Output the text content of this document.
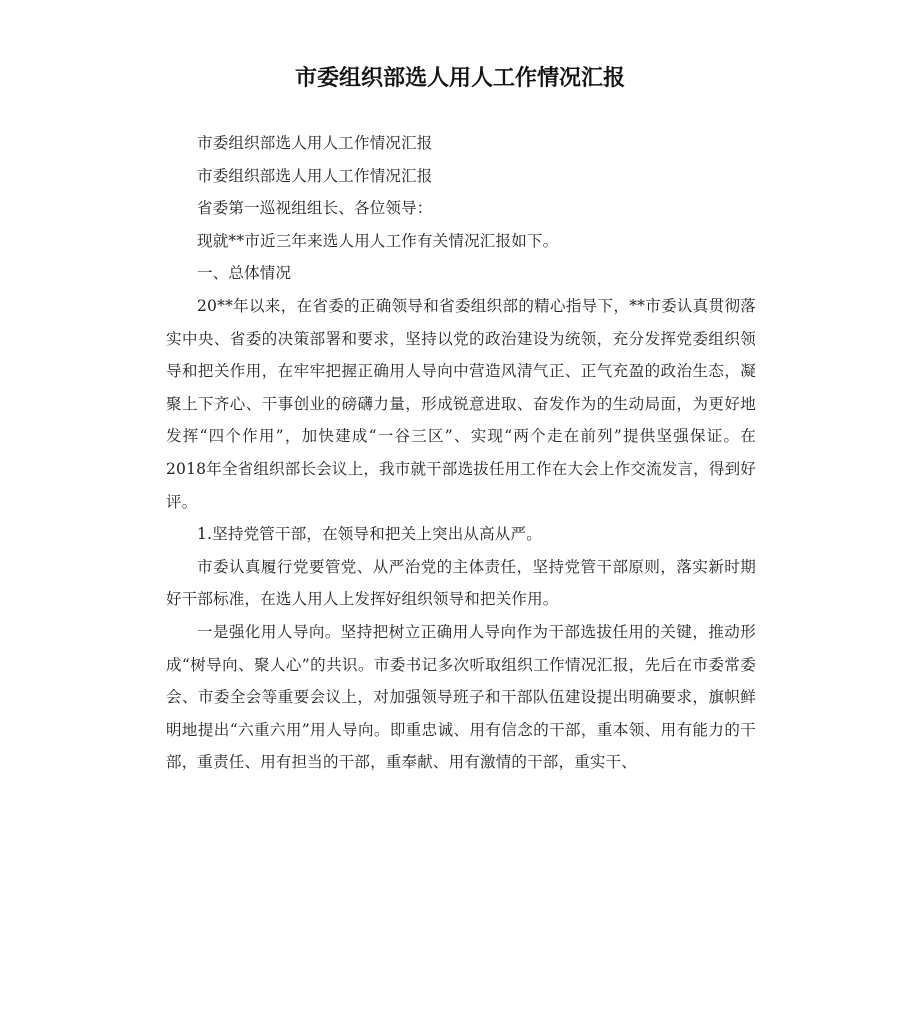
市委组织部选人用人工作情况汇报

市委组织部选人用人工作情况汇报

市委组织部选人用人工作情况汇报

省委第一巡视组组长、各位领导：

现就**市近三年来选人用人工作有关情况汇报如下。

一、总体情况

20**年以来，在省委的正确领导和省委组织部的精心指导下，**市委认真贯彻落实中央、省委的决策部署和要求，坚持以党的政治建设为统领，充分发挥党委组织领导和把关作用，在牢牢把握正确用人导向中营造风清气正、正气充盈的政治生态，凝聚上下齐心、干事创业的磅礴力量，形成锐意进取、奋发作为的生动局面，为更好地发挥“四个作用”，加快建成“一谷三区”、实现“两个走在前列”提供坚强保证。在2018年全省组织部长会议上，我市就干部选拔任用工作在大会上作交流发言，得到好评。

1.坚持党管干部，在领导和把关上突出从高从严。

市委认真履行党要管党、从严治党的主体责任，坚持党管干部原则，落实新时期好干部标准，在选人用人上发挥好组织领导和把关作用。

一是强化用人导向。坚持把树立正确用人导向作为干部选拔任用的关键，推动形成“树导向、聚人心”的共识。市委书记多次听取组织工作情况汇报，先后在市委常委会、市委全会等重要会议上，对加强领导班子和干部队伍建设提出明确要求，旗帜鲜明地提出“六重六用”用人导向。即重忠诚、用有信念的干部，重本领、用有能力的干部，重责任、用有担当的干部，重奉献、用有激情的干部，重实干、
